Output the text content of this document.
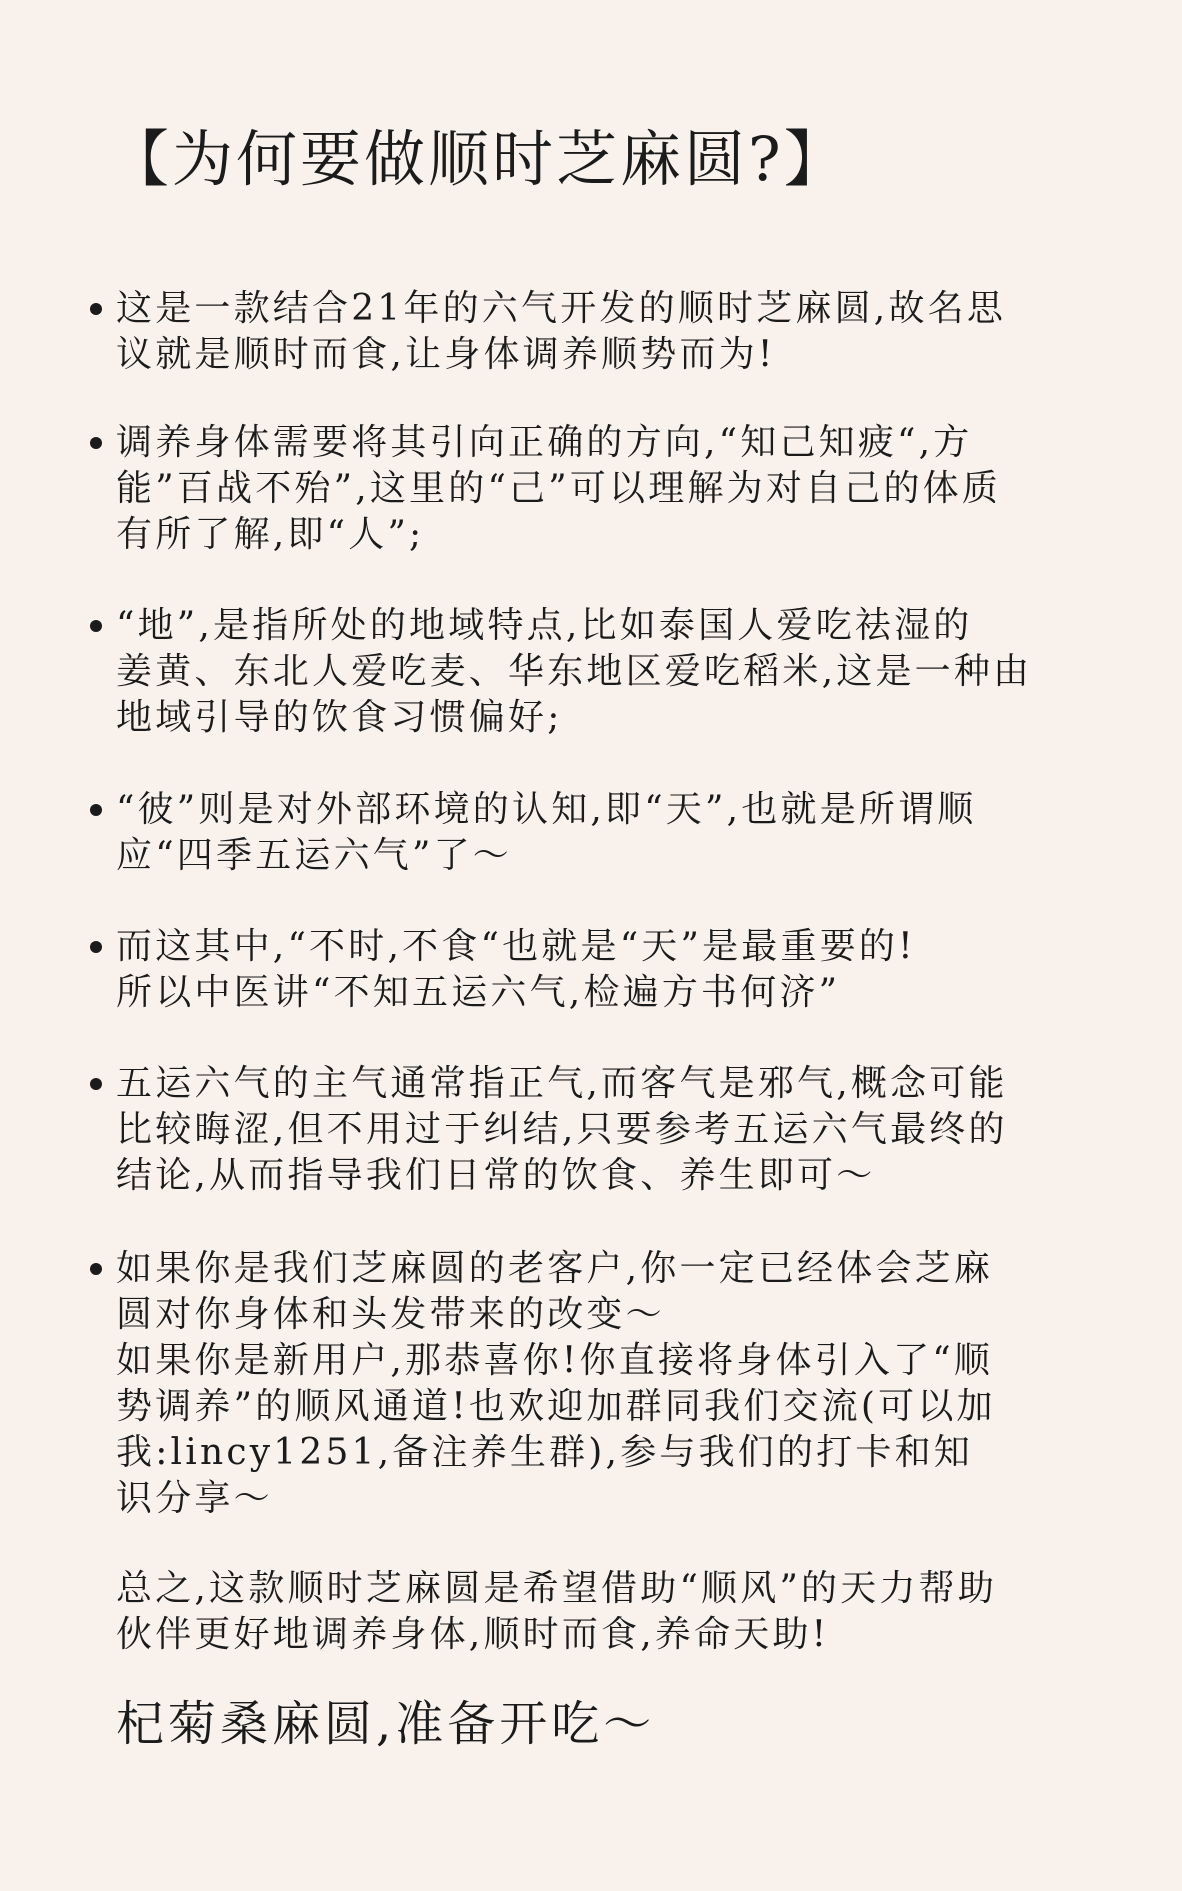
【为何要做顺时芝麻圆?】
这是一款结合21年的六气开发的顺时芝麻圆,故名思
议就是顺时而食,让身体调养顺势而为!
调养身体需要将其引向正确的方向,“知己知疲“,方
能”百战不殆”,这里的“己”可以理解为对自己的体质
有所了解,即“人”;
“地”,是指所处的地域特点,比如泰国人爱吃祛湿的
姜黄、东北人爱吃麦、华东地区爱吃稻米,这是一种由
地域引导的饮食习惯偏好;
“彼”则是对外部环境的认知,即“天”,也就是所谓顺
应“四季五运六气”了～
而这其中,“不时,不食“也就是“天”是最重要的!
所以中医讲“不知五运六气,检遍方书何济”
五运六气的主气通常指正气,而客气是邪气,概念可能
比较晦涩,但不用过于纠结,只要参考五运六气最终的
结论,从而指导我们日常的饮食、养生即可～
如果你是我们芝麻圆的老客户,你一定已经体会芝麻
圆对你身体和头发带来的改变～
如果你是新用户,那恭喜你!你直接将身体引入了“顺
势调养”的顺风通道!也欢迎加群同我们交流(可以加
我:lincy1251,备注养生群),参与我们的打卡和知
识分享～
总之,这款顺时芝麻圆是希望借助“顺风”的天力帮助
伙伴更好地调养身体,顺时而食,养命天助!
杞菊桑麻圆,准备开吃～
